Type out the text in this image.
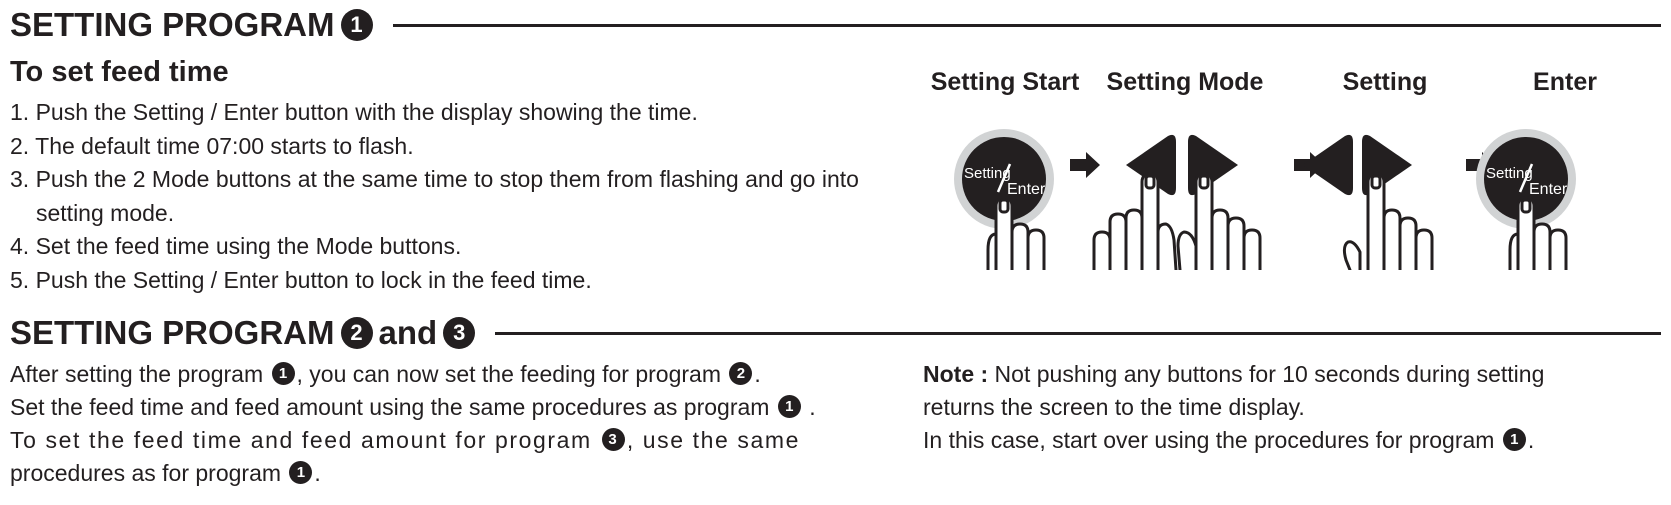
SETTING PROGRAM 1
To set feed time
1. Push the Setting / Enter button with the display showing the time.
2. The default time 07:00 starts to flash.
3. Push the 2 Mode buttons at the same time to stop them from flashing and go into setting mode.
4. Set the feed time using the Mode buttons.
5. Push the Setting / Enter button to lock in the feed time.
Setting Start Setting Mode	Setting	Enter
Setting
Enter
Setting
Enter
SETTING PROGRAM 2 and 3
After setting the program 1 , you can now set the feeding for program 2 .
Set the feed time and feed amount using the same procedures as program 1 .
To set the feed time and feed amount for program 3 , use the same
procedures as for program 1 .
Note : Not pushing any buttons for 10 seconds during setting
returns the screen to the time display.
In this case, start over using the procedures for program 1 .
